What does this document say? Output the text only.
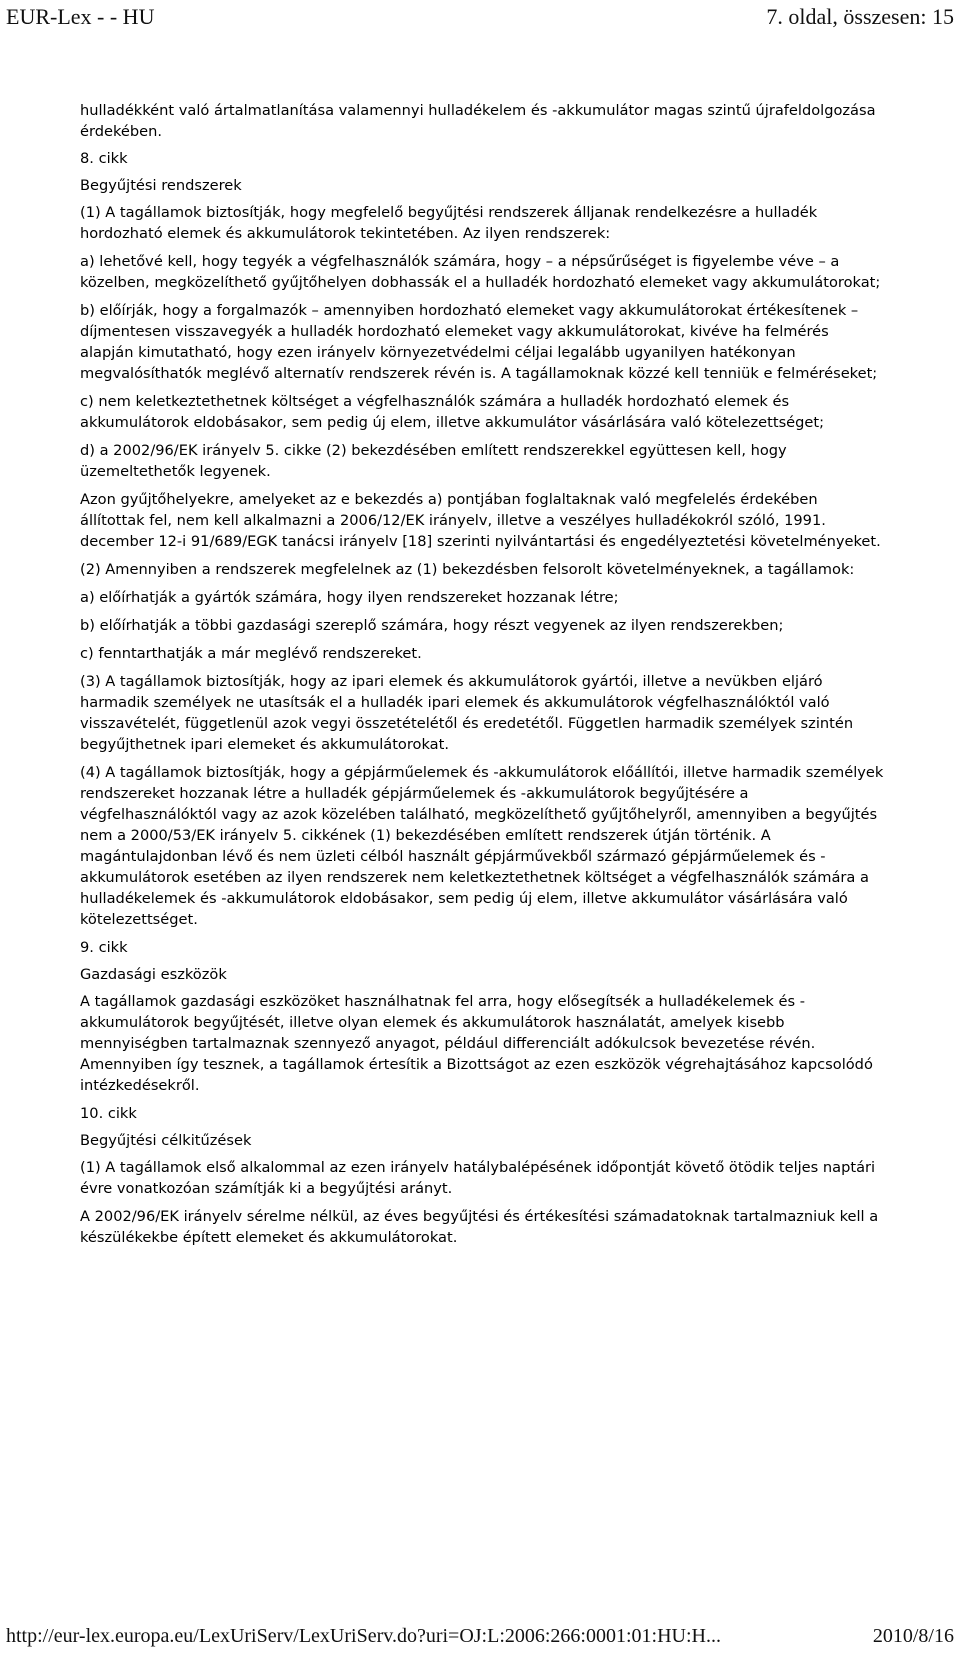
EUR-Lex - - HU	7. oldal, összesen: 15

hulladékként való ártalmatlanítása valamennyi hulladékelem és -akkumulátor magas szintű újrafeldolgozása érdekében.

8. cikk

Begyűjtési rendszerek

(1) A tagállamok biztosítják, hogy megfelelő begyűjtési rendszerek álljanak rendelkezésre a hulladék hordozható elemek és akkumulátorok tekintetében. Az ilyen rendszerek:

a) lehetővé kell, hogy tegyék a végfelhasználók számára, hogy – a népsűrűséget is figyelembe véve – a közelben, megközelíthető gyűjtőhelyen dobhassák el a hulladék hordozható elemeket vagy akkumulátorokat;

b) előírják, hogy a forgalmazók – amennyiben hordozható elemeket vagy akkumulátorokat értékesítenek – díjmentesen visszavegyék a hulladék hordozható elemeket vagy akkumulátorokat, kivéve ha felmérés alapján kimutatható, hogy ezen irányelv környezetvédelmi céljai legalább ugyanilyen hatékonyan megvalósíthatók meglévő alternatív rendszerek révén is. A tagállamoknak közzé kell tenniük e felméréseket;

c) nem keletkeztethetnek költséget a végfelhasználók számára a hulladék hordozható elemek és akkumulátorok eldobásakor, sem pedig új elem, illetve akkumulátor vásárlására való kötelezettséget;

d) a 2002/96/EK irányelv 5. cikke (2) bekezdésében említett rendszerekkel együttesen kell, hogy üzemeltethetők legyenek.

Azon gyűjtőhelyekre, amelyeket az e bekezdés a) pontjában foglaltaknak való megfelelés érdekében állítottak fel, nem kell alkalmazni a 2006/12/EK irányelv, illetve a veszélyes hulladékokról szóló, 1991. december 12-i 91/689/EGK tanácsi irányelv [18] szerinti nyilvántartási és engedélyeztetési követelményeket.

(2) Amennyiben a rendszerek megfelelnek az (1) bekezdésben felsorolt követelményeknek, a tagállamok:

a) előírhatják a gyártók számára, hogy ilyen rendszereket hozzanak létre;

b) előírhatják a többi gazdasági szereplő számára, hogy részt vegyenek az ilyen rendszerekben;

c) fenntarthatják a már meglévő rendszereket.

(3) A tagállamok biztosítják, hogy az ipari elemek és akkumulátorok gyártói, illetve a nevükben eljáró harmadik személyek ne utasítsák el a hulladék ipari elemek és akkumulátorok végfelhasználóktól való visszavételét, függetlenül azok vegyi összetételétől és eredetétől. Független harmadik személyek szintén begyűjthetnek ipari elemeket és akkumulátorokat.

(4) A tagállamok biztosítják, hogy a gépjárműelemek és -akkumulátorok előállítói, illetve harmadik személyek rendszereket hozzanak létre a hulladék gépjárműelemek és -akkumulátorok begyűjtésére a végfelhasználóktól vagy az azok közelében található, megközelíthető gyűjtőhelyről, amennyiben a begyűjtés nem a 2000/53/EK irányelv 5. cikkének (1) bekezdésében említett rendszerek útján történik. A magántulajdonban lévő és nem üzleti célból használt gépjárművekből származó gépjárműelemek és -akkumulátorok esetében az ilyen rendszerek nem keletkeztethetnek költséget a végfelhasználók számára a hulladékelemek és -akkumulátorok eldobásakor, sem pedig új elem, illetve akkumulátor vásárlására való kötelezettséget.

9. cikk

Gazdasági eszközök

A tagállamok gazdasági eszközöket használhatnak fel arra, hogy elősegítsék a hulladékelemek és -akkumulátorok begyűjtését, illetve olyan elemek és akkumulátorok használatát, amelyek kisebb mennyiségben tartalmaznak szennyező anyagot, például differenciált adókulcsok bevezetése révén. Amennyiben így tesznek, a tagállamok értesítik a Bizottságot az ezen eszközök végrehajtásához kapcsolódó intézkedésekről.

10. cikk

Begyűjtési célkitűzések

(1) A tagállamok első alkalommal az ezen irányelv hatálybalépésének időpontját követő ötödik teljes naptári évre vonatkozóan számítják ki a begyűjtési arányt.

A 2002/96/EK irányelv sérelme nélkül, az éves begyűjtési és értékesítési számadatoknak tartalmazniuk kell a készülékekbe épített elemeket és akkumulátorokat.

http://eur-lex.europa.eu/LexUriServ/LexUriServ.do?uri=OJ:L:2006:266:0001:01:HU:H...	2010/8/16
